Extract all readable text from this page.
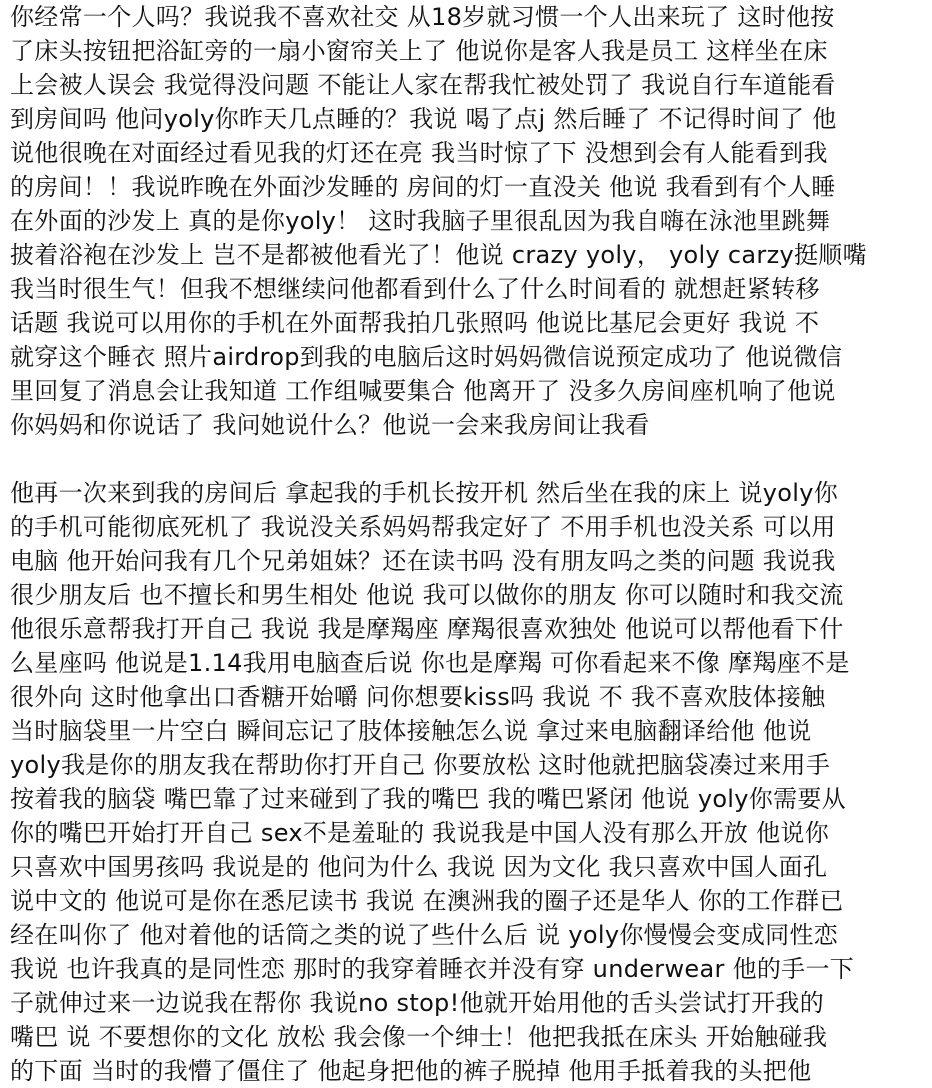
你经常一个人吗？我说我不喜欢社交 从18岁就习惯一个人出来玩了 这时他按
了床头按钮把浴缸旁的一扇小窗帘关上了 他说你是客人我是员工 这样坐在床
上会被人误会 我觉得没问题 不能让人家在帮我忙被处罚了 我说自行车道能看
到房间吗 他问yoly你昨天几点睡的？我说 喝了点j 然后睡了 不记得时间了 他
说他很晚在对面经过看见我的灯还在亮 我当时惊了下 没想到会有人能看到我
的房间！！我说昨晚在外面沙发睡的 房间的灯一直没关 他说 我看到有个人睡
在外面的沙发上 真的是你yoly！ 这时我脑子里很乱因为我自嗨在泳池里跳舞
披着浴袍在沙发上 岂不是都被他看光了！他说 crazy yoly， yoly carzy挺顺嘴
我当时很生气！但我不想继续问他都看到什么了什么时间看的 就想赶紧转移
话题 我说可以用你的手机在外面帮我拍几张照吗 他说比基尼会更好 我说 不
就穿这个睡衣 照片airdrop到我的电脑后这时妈妈微信说预定成功了 他说微信
里回复了消息会让我知道 工作组喊要集合 他离开了 没多久房间座机响了他说
你妈妈和你说话了 我问她说什么？他说一会来我房间让我看
他再一次来到我的房间后 拿起我的手机长按开机 然后坐在我的床上 说yoly你
的手机可能彻底死机了 我说没关系妈妈帮我定好了 不用手机也没关系 可以用
电脑 他开始问我有几个兄弟姐妹？还在读书吗 没有朋友吗之类的问题 我说我
很少朋友后 也不擅长和男生相处 他说 我可以做你的朋友 你可以随时和我交流
他很乐意帮我打开自己 我说 我是摩羯座 摩羯很喜欢独处 他说可以帮他看下什
么星座吗 他说是1.14我用电脑查后说 你也是摩羯 可你看起来不像 摩羯座不是
很外向 这时他拿出口香糖开始嚼 问你想要kiss吗 我说 不 我不喜欢肢体接触
当时脑袋里一片空白 瞬间忘记了肢体接触怎么说 拿过来电脑翻译给他 他说
yoly我是你的朋友我在帮助你打开自己 你要放松 这时他就把脑袋凑过来用手
按着我的脑袋 嘴巴靠了过来碰到了我的嘴巴 我的嘴巴紧闭 他说 yoly你需要从
你的嘴巴开始打开自己 sex不是羞耻的 我说我是中国人没有那么开放 他说你
只喜欢中国男孩吗 我说是的 他问为什么 我说 因为文化 我只喜欢中国人面孔
说中文的 他说可是你在悉尼读书 我说 在澳洲我的圈子还是华人 你的工作群已
经在叫你了 他对着他的话筒之类的说了些什么后 说 yoly你慢慢会变成同性恋
我说 也许我真的是同性恋 那时的我穿着睡衣并没有穿 underwear 他的手一下
子就伸过来一边说我在帮你 我说no stop!他就开始用他的舌头尝试打开我的
嘴巴 说 不要想你的文化 放松 我会像一个绅士！他把我抵在床头 开始触碰我
的下面 当时的我懵了僵住了 他起身把他的裤子脱掉 他用手抵着我的头把他
